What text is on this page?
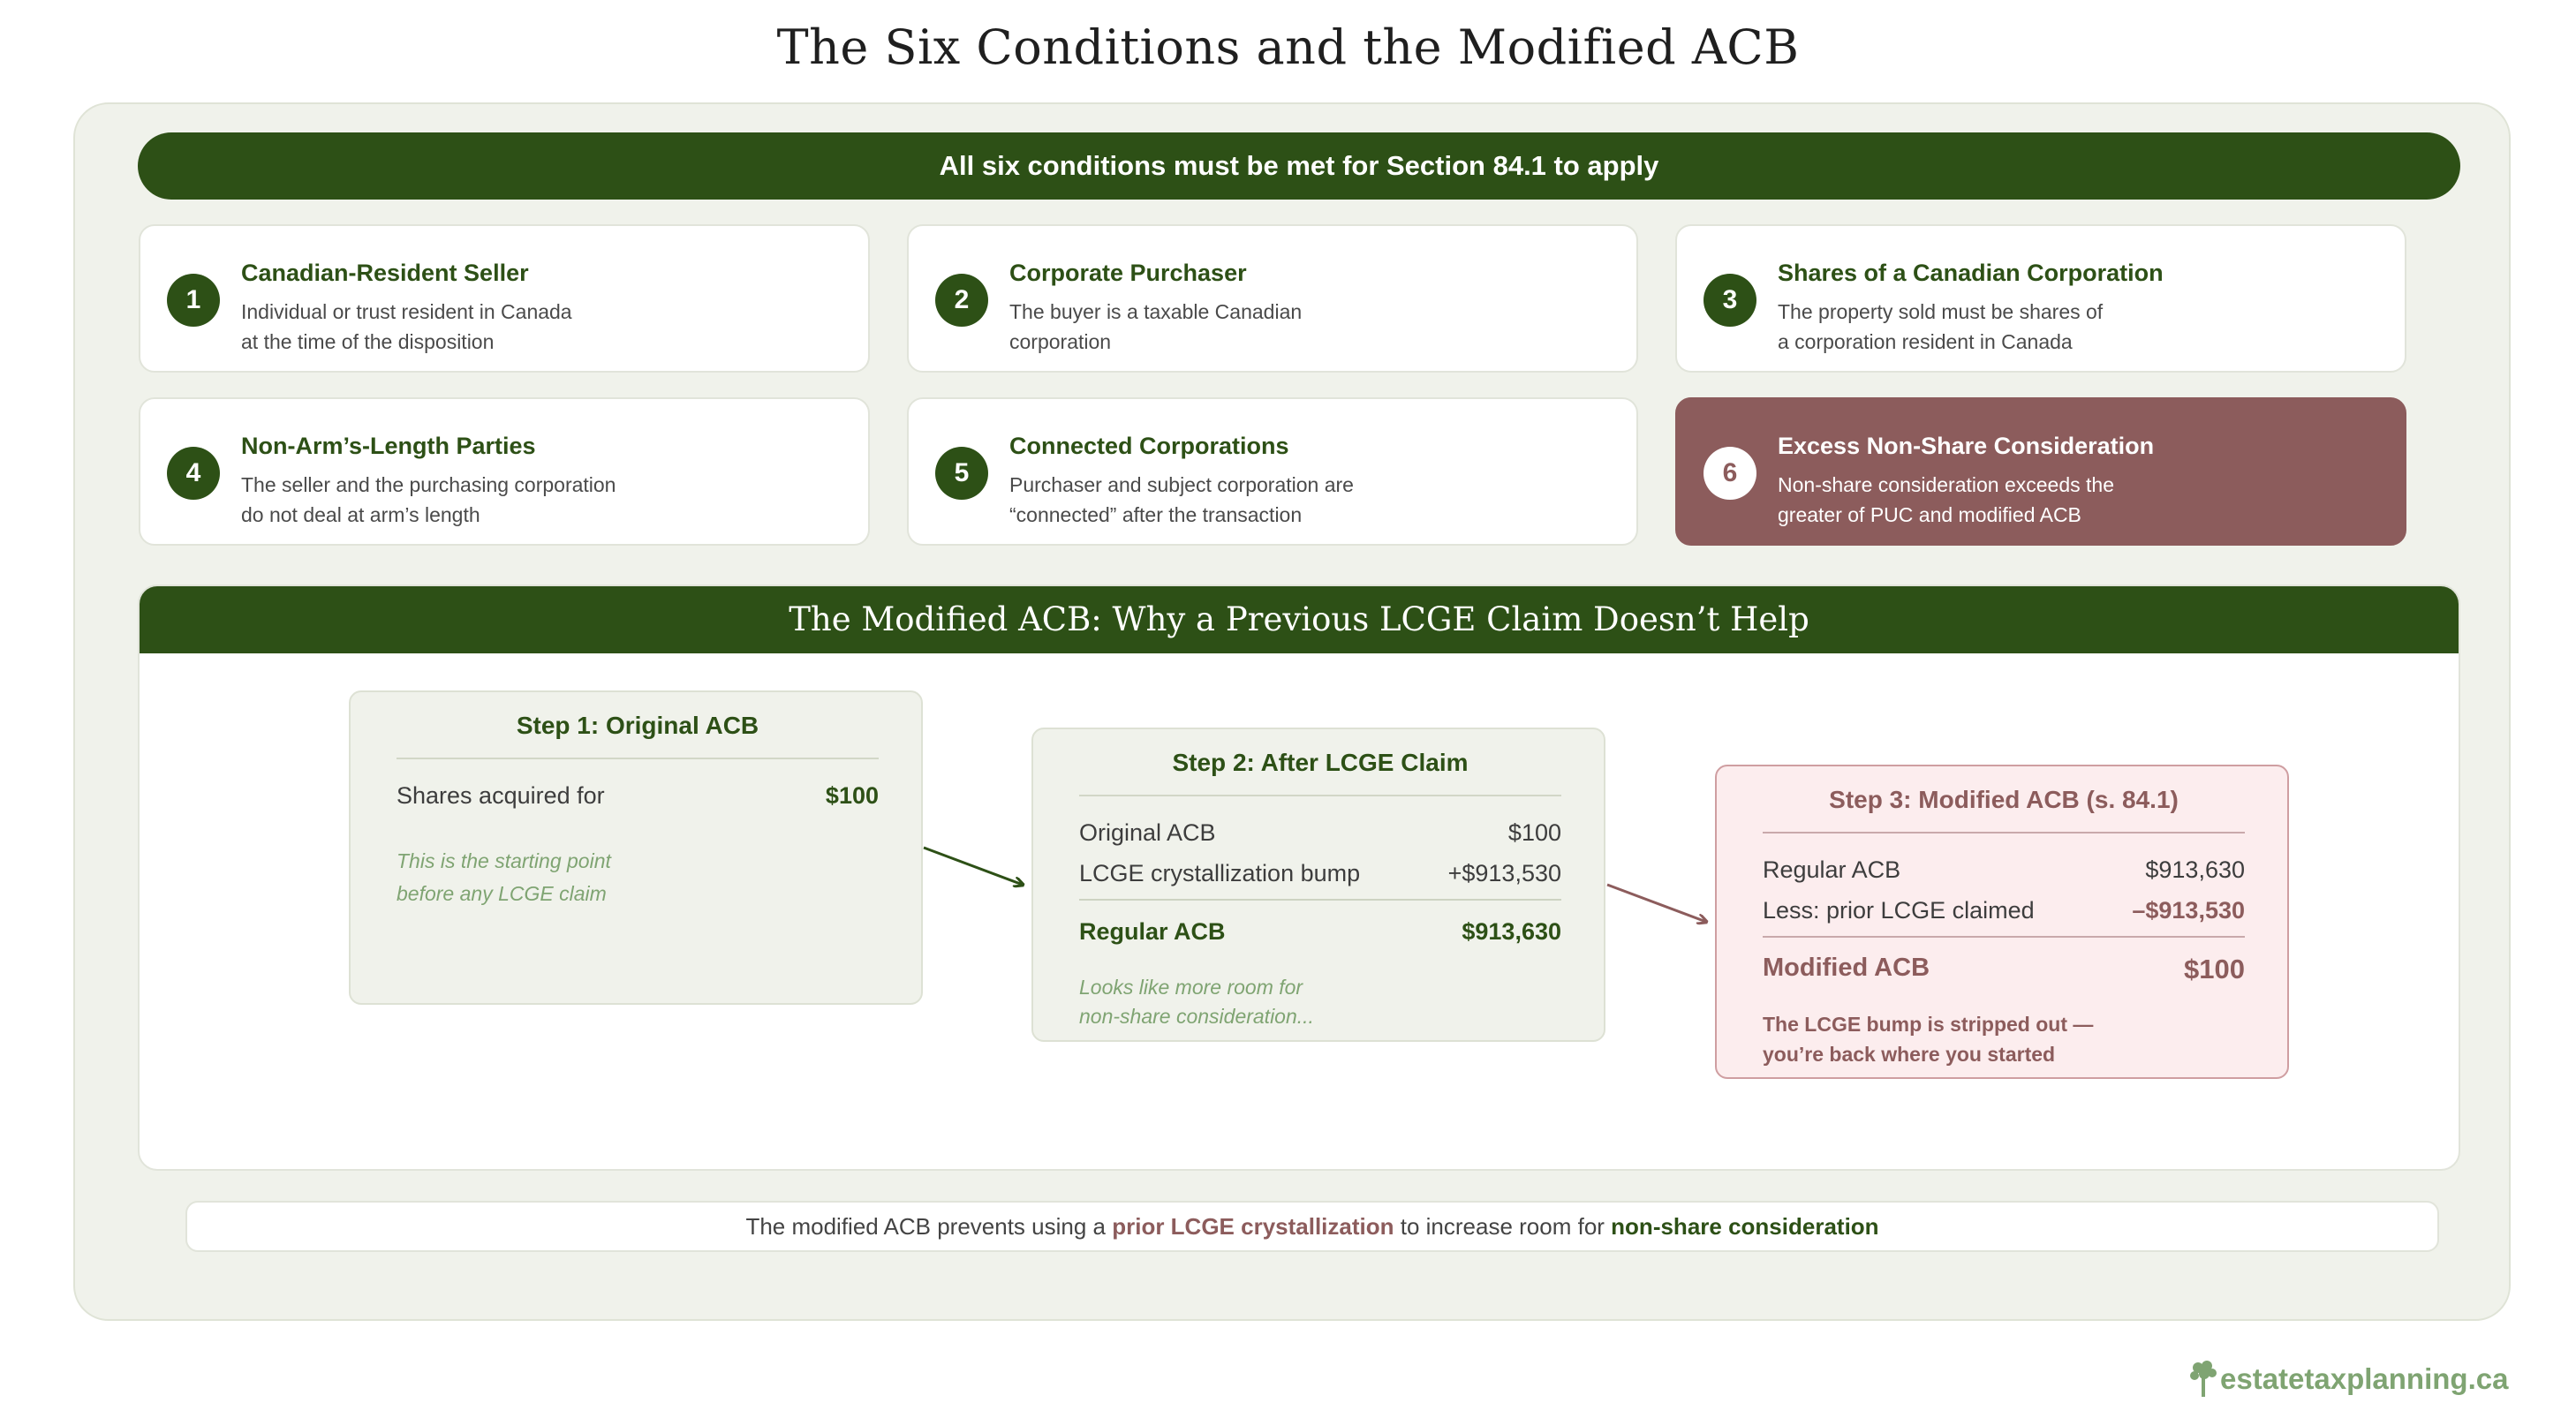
The Six Conditions and the Modified ACB
All six conditions must be met for Section 84.1 to apply
1
Canadian-Resident Seller
Individual or trust resident in Canada
at the time of the disposition
2
Corporate Purchaser
The buyer is a taxable Canadian
corporation
3
Shares of a Canadian Corporation
The property sold must be shares of
a corporation resident in Canada
4
Non-Arm’s-Length Parties
The seller and the purchasing corporation
do not deal at arm’s length
5
Connected Corporations
Purchaser and subject corporation are
“connected” after the transaction
6
Excess Non-Share Consideration
Non-share consideration exceeds the
greater of PUC and modified ACB
The Modified ACB: Why a Previous LCGE Claim Doesn’t Help
Step 1: Original ACB
Shares acquired for	$100
This is the starting point
before any LCGE claim
Step 2: After LCGE Claim
Original ACB	$100
LCGE crystallization bump	+$913,530
Regular ACB	$913,630
Looks like more room for
non-share consideration...
Step 3: Modified ACB (s. 84.1)
Regular ACB	$913,630
Less: prior LCGE claimed	–$913,530
Modified ACB	$100
The LCGE bump is stripped out —
you’re back where you started
The modified ACB prevents using a prior LCGE crystallization to increase room for non-share consideration
estatetaxplanning.ca
